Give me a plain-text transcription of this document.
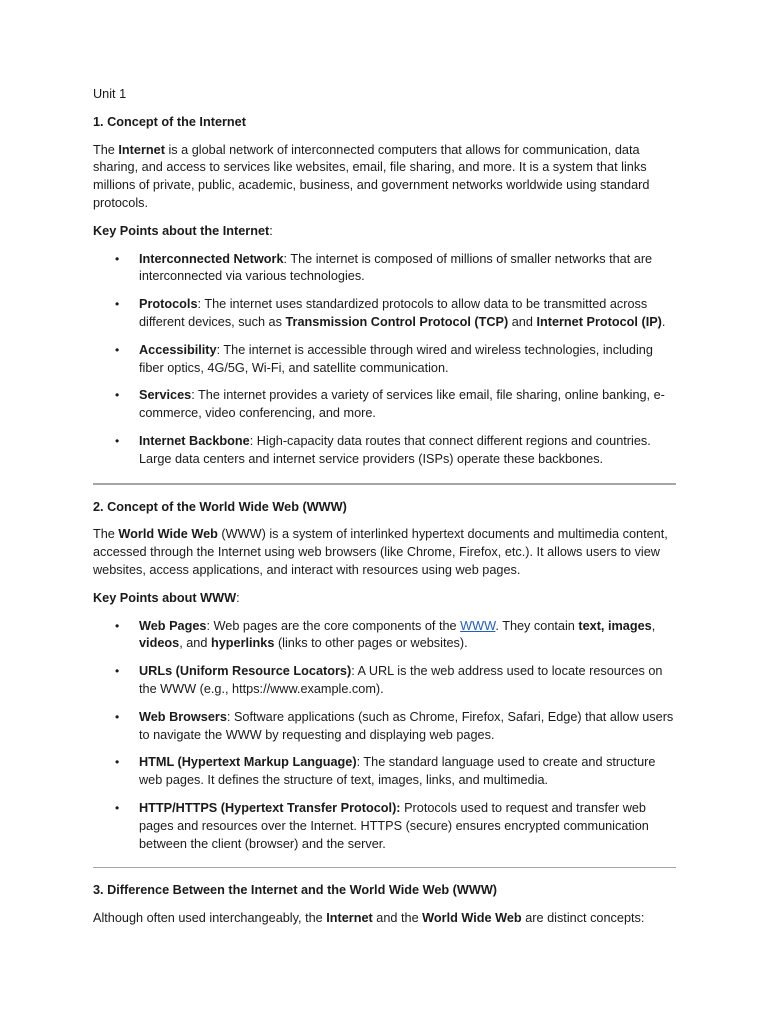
Unit 1

1. Concept of the Internet

The Internet is a global network of interconnected computers that allows for communication, data sharing, and access to services like websites, email, file sharing, and more. It is a system that links millions of private, public, academic, business, and government networks worldwide using standard protocols.

Key Points about the Internet:

• Interconnected Network: The internet is composed of millions of smaller networks that are interconnected via various technologies.
• Protocols: The internet uses standardized protocols to allow data to be transmitted across different devices, such as Transmission Control Protocol (TCP) and Internet Protocol (IP).
• Accessibility: The internet is accessible through wired and wireless technologies, including fiber optics, 4G/5G, Wi-Fi, and satellite communication.
• Services: The internet provides a variety of services like email, file sharing, online banking, e-commerce, video conferencing, and more.
• Internet Backbone: High-capacity data routes that connect different regions and countries. Large data centers and internet service providers (ISPs) operate these backbones.
2. Concept of the World Wide Web (WWW)

The World Wide Web (WWW) is a system of interlinked hypertext documents and multimedia content, accessed through the Internet using web browsers (like Chrome, Firefox, etc.). It allows users to view websites, access applications, and interact with resources using web pages.

Key Points about WWW:

• Web Pages: Web pages are the core components of the WWW. They contain text, images, videos, and hyperlinks (links to other pages or websites).
• URLs (Uniform Resource Locators): A URL is the web address used to locate resources on the WWW (e.g., https://www.example.com).
• Web Browsers: Software applications (such as Chrome, Firefox, Safari, Edge) that allow users to navigate the WWW by requesting and displaying web pages.
• HTML (Hypertext Markup Language): The standard language used to create and structure web pages. It defines the structure of text, images, links, and multimedia.
• HTTP/HTTPS (Hypertext Transfer Protocol): Protocols used to request and transfer web pages and resources over the Internet. HTTPS (secure) ensures encrypted communication between the client (browser) and the server.
3. Difference Between the Internet and the World Wide Web (WWW)

Although often used interchangeably, the Internet and the World Wide Web are distinct concepts:
